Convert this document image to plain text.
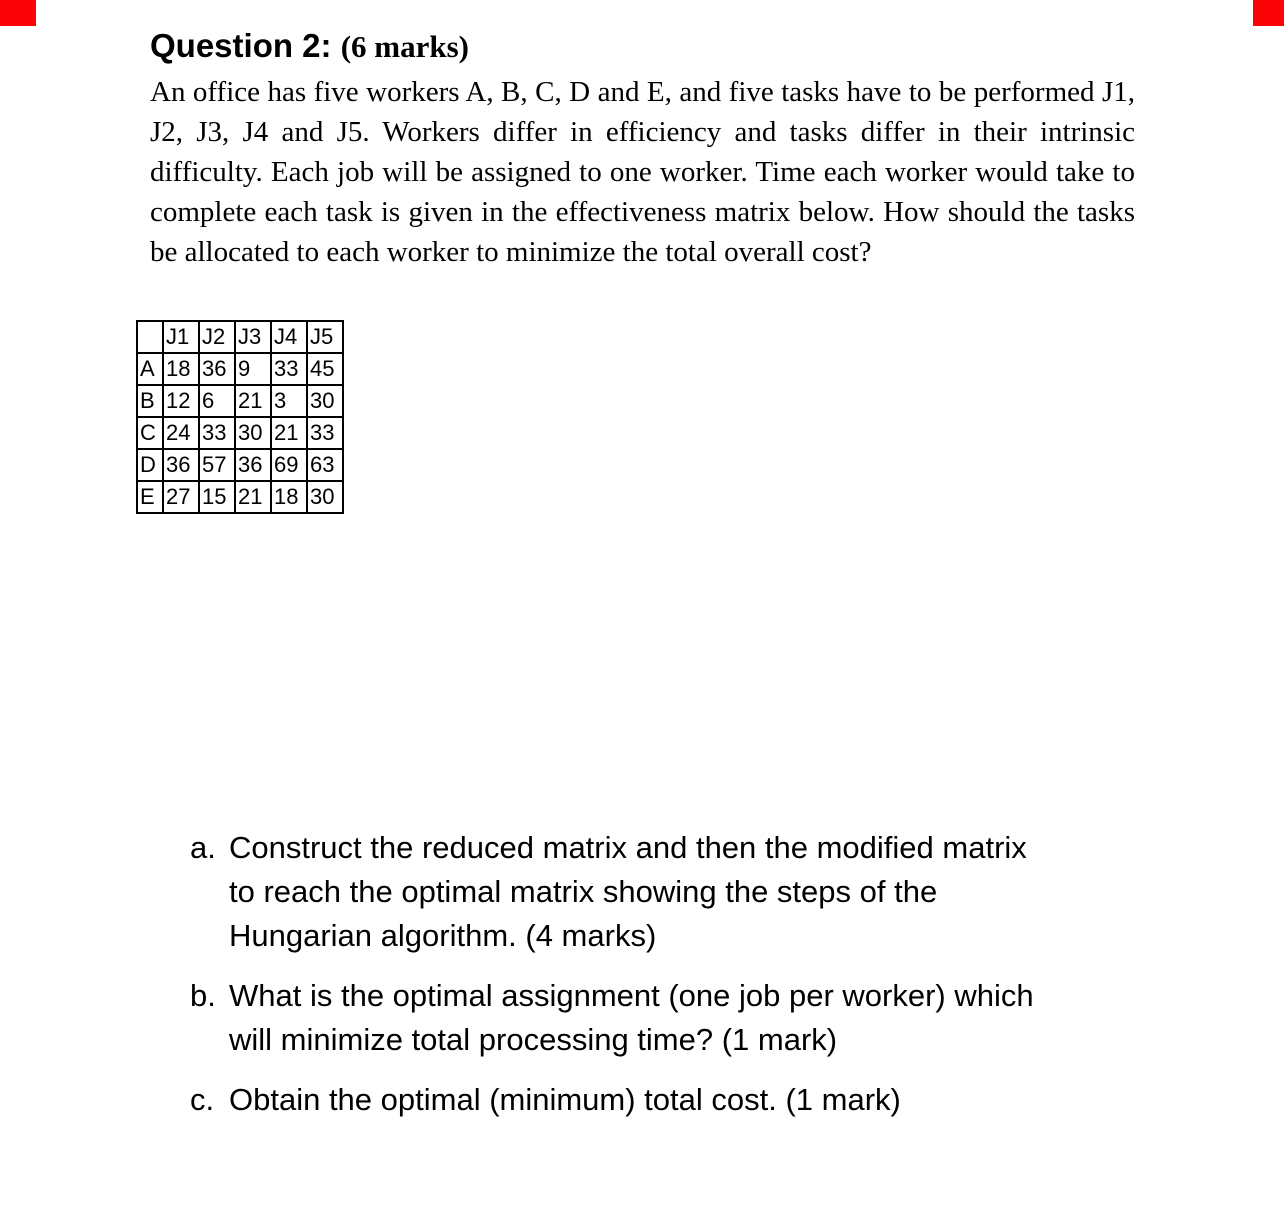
Question 2: (6 marks)

An office has five workers A, B, C, D and E, and five tasks have to be performed J1, J2, J3, J4 and J5. Workers differ in efficiency and tasks differ in their intrinsic difficulty. Each job will be assigned to one worker. Time each worker would take to complete each task is given in the effectiveness matrix below. How should the tasks be allocated to each worker to minimize the total overall cost?

	J1	J2	J3	J4	J5
A	18	36	9	33	45
B	12	6	21	3	30
C	24	33	30	21	33
D	36	57	36	69	63
E	27	15	21	18	30
a. Construct the reduced matrix and then the modified matrix to reach the optimal matrix showing the steps of the Hungarian algorithm. (4 marks)
b. What is the optimal assignment (one job per worker) which will minimize total processing time? (1 mark)
c. Obtain the optimal (minimum) total cost. (1 mark)
